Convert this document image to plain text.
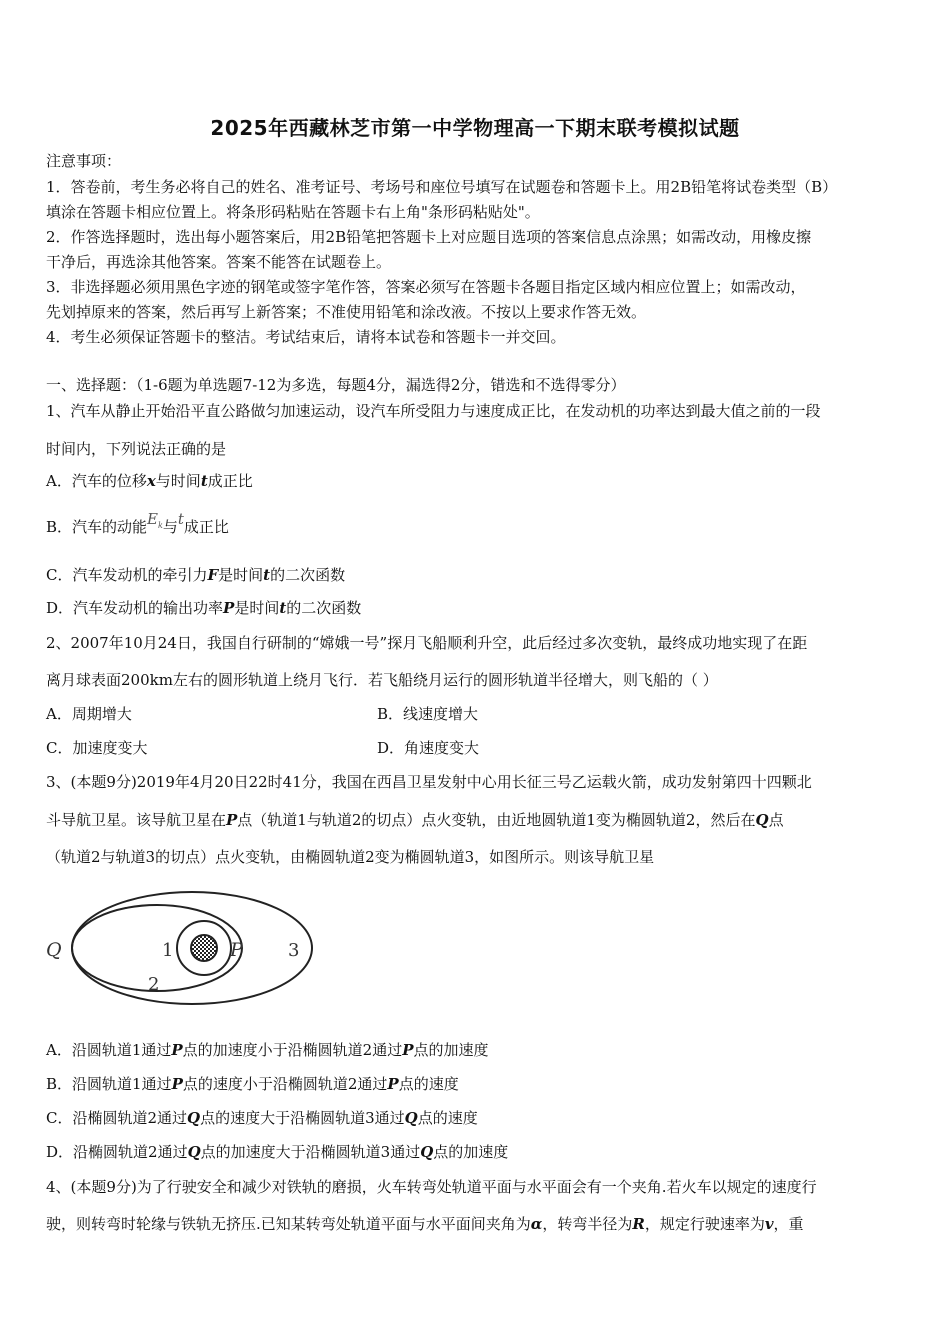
2025年西藏林芝市第一中学物理高一下期末联考模拟试题
注意事项：
1．答卷前，考生务必将自己的姓名、准考证号、考场号和座位号填写在试题卷和答题卡上。用2B铅笔将试卷类型（B）
填涂在答题卡相应位置上。将条形码粘贴在答题卡右上角"条形码粘贴处"。
2．作答选择题时，选出每小题答案后，用2B铅笔把答题卡上对应题目选项的答案信息点涂黑；如需改动，用橡皮擦
干净后，再选涂其他答案。答案不能答在试题卷上。
3．非选择题必须用黑色字迹的钢笔或签字笔作答，答案必须写在答题卡各题目指定区域内相应位置上；如需改动，
先划掉原来的答案，然后再写上新答案；不准使用铅笔和涂改液。不按以上要求作答无效。
4．考生必须保证答题卡的整洁。考试结束后，请将本试卷和答题卡一并交回。
一、选择题：（1-6题为单选题7-12为多选，每题4分，漏选得2分，错选和不选得零分）
1、汽车从静止开始沿平直公路做匀加速运动，设汽车所受阻力与速度成正比，在发动机的功率达到最大值之前的一段
时间内，下列说法正确的是
A．汽车的位移x与时间t成正比
B．汽车的动能$E_k$与t成正比
C．汽车发动机的牵引力F是时间t的二次函数
D．汽车发动机的输出功率P是时间t的二次函数
2、2007年10月24日，我国自行研制的“嫦娥一号”探月飞船顺利升空，此后经过多次变轨，最终成功地实现了在距
离月球表面200km左右的圆形轨道上绕月飞行．若飞船绕月运行的圆形轨道半径增大，则飞船的（ ）
A．周期增大	B．线速度增大
C．加速度变大	D．角速度变大
3、(本题9分)2019年4月20日22时41分，我国在西昌卫星发射中心用长征三号乙运载火箭，成功发射第四十四颗北
斗导航卫星。该导航卫星在P点（轨道1与轨道2的切点）点火变轨，由近地圆轨道1变为椭圆轨道2，然后在Q点
（轨道2与轨道3的切点）点火变轨，由椭圆轨道2变为椭圆轨道3，如图所示。则该导航卫星
Q	1	P	3
2
A．沿圆轨道1通过P点的加速度小于沿椭圆轨道2通过P点的加速度
B．沿圆轨道1通过P点的速度小于沿椭圆轨道2通过P点的速度
C．沿椭圆轨道2通过Q点的速度大于沿椭圆轨道3通过Q点的速度
D．沿椭圆轨道2通过Q点的加速度大于沿椭圆轨道3通过Q点的加速度
4、(本题9分)为了行驶安全和减少对铁轨的磨损，火车转弯处轨道平面与水平面会有一个夹角.若火车以规定的速度行
驶，则转弯时轮缘与铁轨无挤压.已知某转弯处轨道平面与水平面间夹角为α，转弯半径为R，规定行驶速率为v，重
